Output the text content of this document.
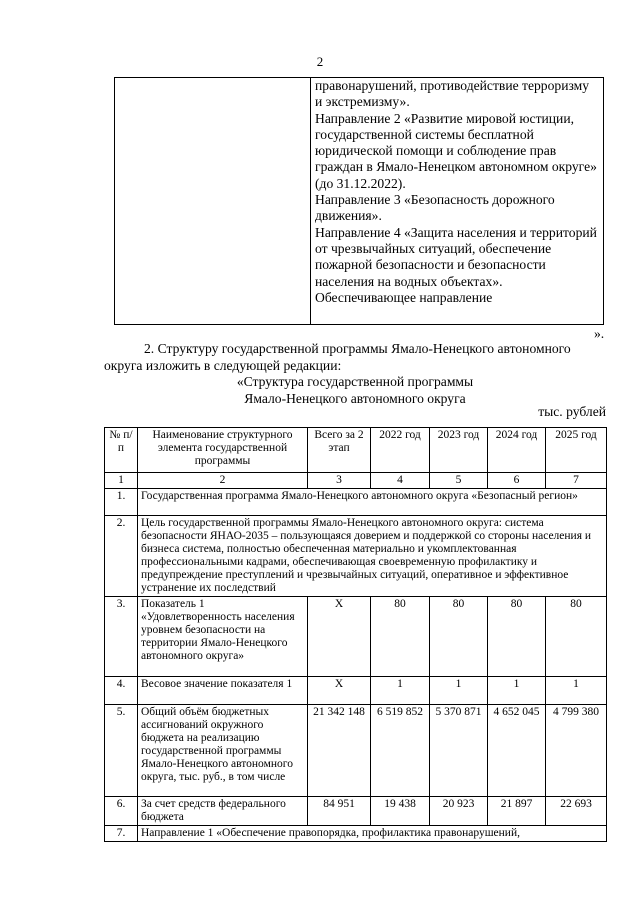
2

правонарушений, противодействие терроризму и экстремизму».
Направление 2 «Развитие мировой юстиции, государственной системы бесплатной юридической помощи и соблюдение прав граждан в Ямало-Ненецком автономном округе» (до 31.12.2022).
Направление 3 «Безопасность дорожного движения».
Направление 4 «Защита населения и территорий от чрезвычайных ситуаций, обеспечение пожарной безопасности и безопасности населения на водных объектах».
Обеспечивающее направление
».
2. Структуру государственной программы Ямало-Ненецкого автономного
округа изложить в следующей редакции:
«Структура государственной программы
Ямало-Ненецкого автономного округа
тыс. рублей
№ п/п	Наименование структурного элемента государственной программы	Всего за 2 этап	2022 год	2023 год	2024 год	2025 год
1	2	3	4	5	6	7
1.	Государственная программа Ямало-Ненецкого автономного округа «Безопасный регион»					
2.	Цель государственной программы Ямало-Ненецкого автономного округа: система безопасности ЯНАО-2035 – пользующаяся доверием и поддержкой со стороны населения и бизнеса система, полностью обеспеченная материально и укомплектованная профессиональными кадрами, обеспечивающая своевременную профилактику и предупреждение преступлений и чрезвычайных ситуаций, оперативное и эффективное устранение их последствий					
3.	Показатель 1 «Удовлетворенность населения уровнем безопасности на территории Ямало-Ненецкого автономного округа»	Х	80	80	80	80
4.	Весовое значение показателя 1	Х	1	1	1	1
5.	Общий объём бюджетных ассигнований окружного бюджета на реализацию государственной программы Ямало-Ненецкого автономного округа, тыс. руб., в том числе	21 342 148	6 519 852	5 370 871	4 652 045	4 799 380
6.	За счет средств федерального бюджета	84 951	19 438	20 923	21 897	22 693
7.	Направление 1 «Обеспечение правопорядка, профилактика правонарушений,					
